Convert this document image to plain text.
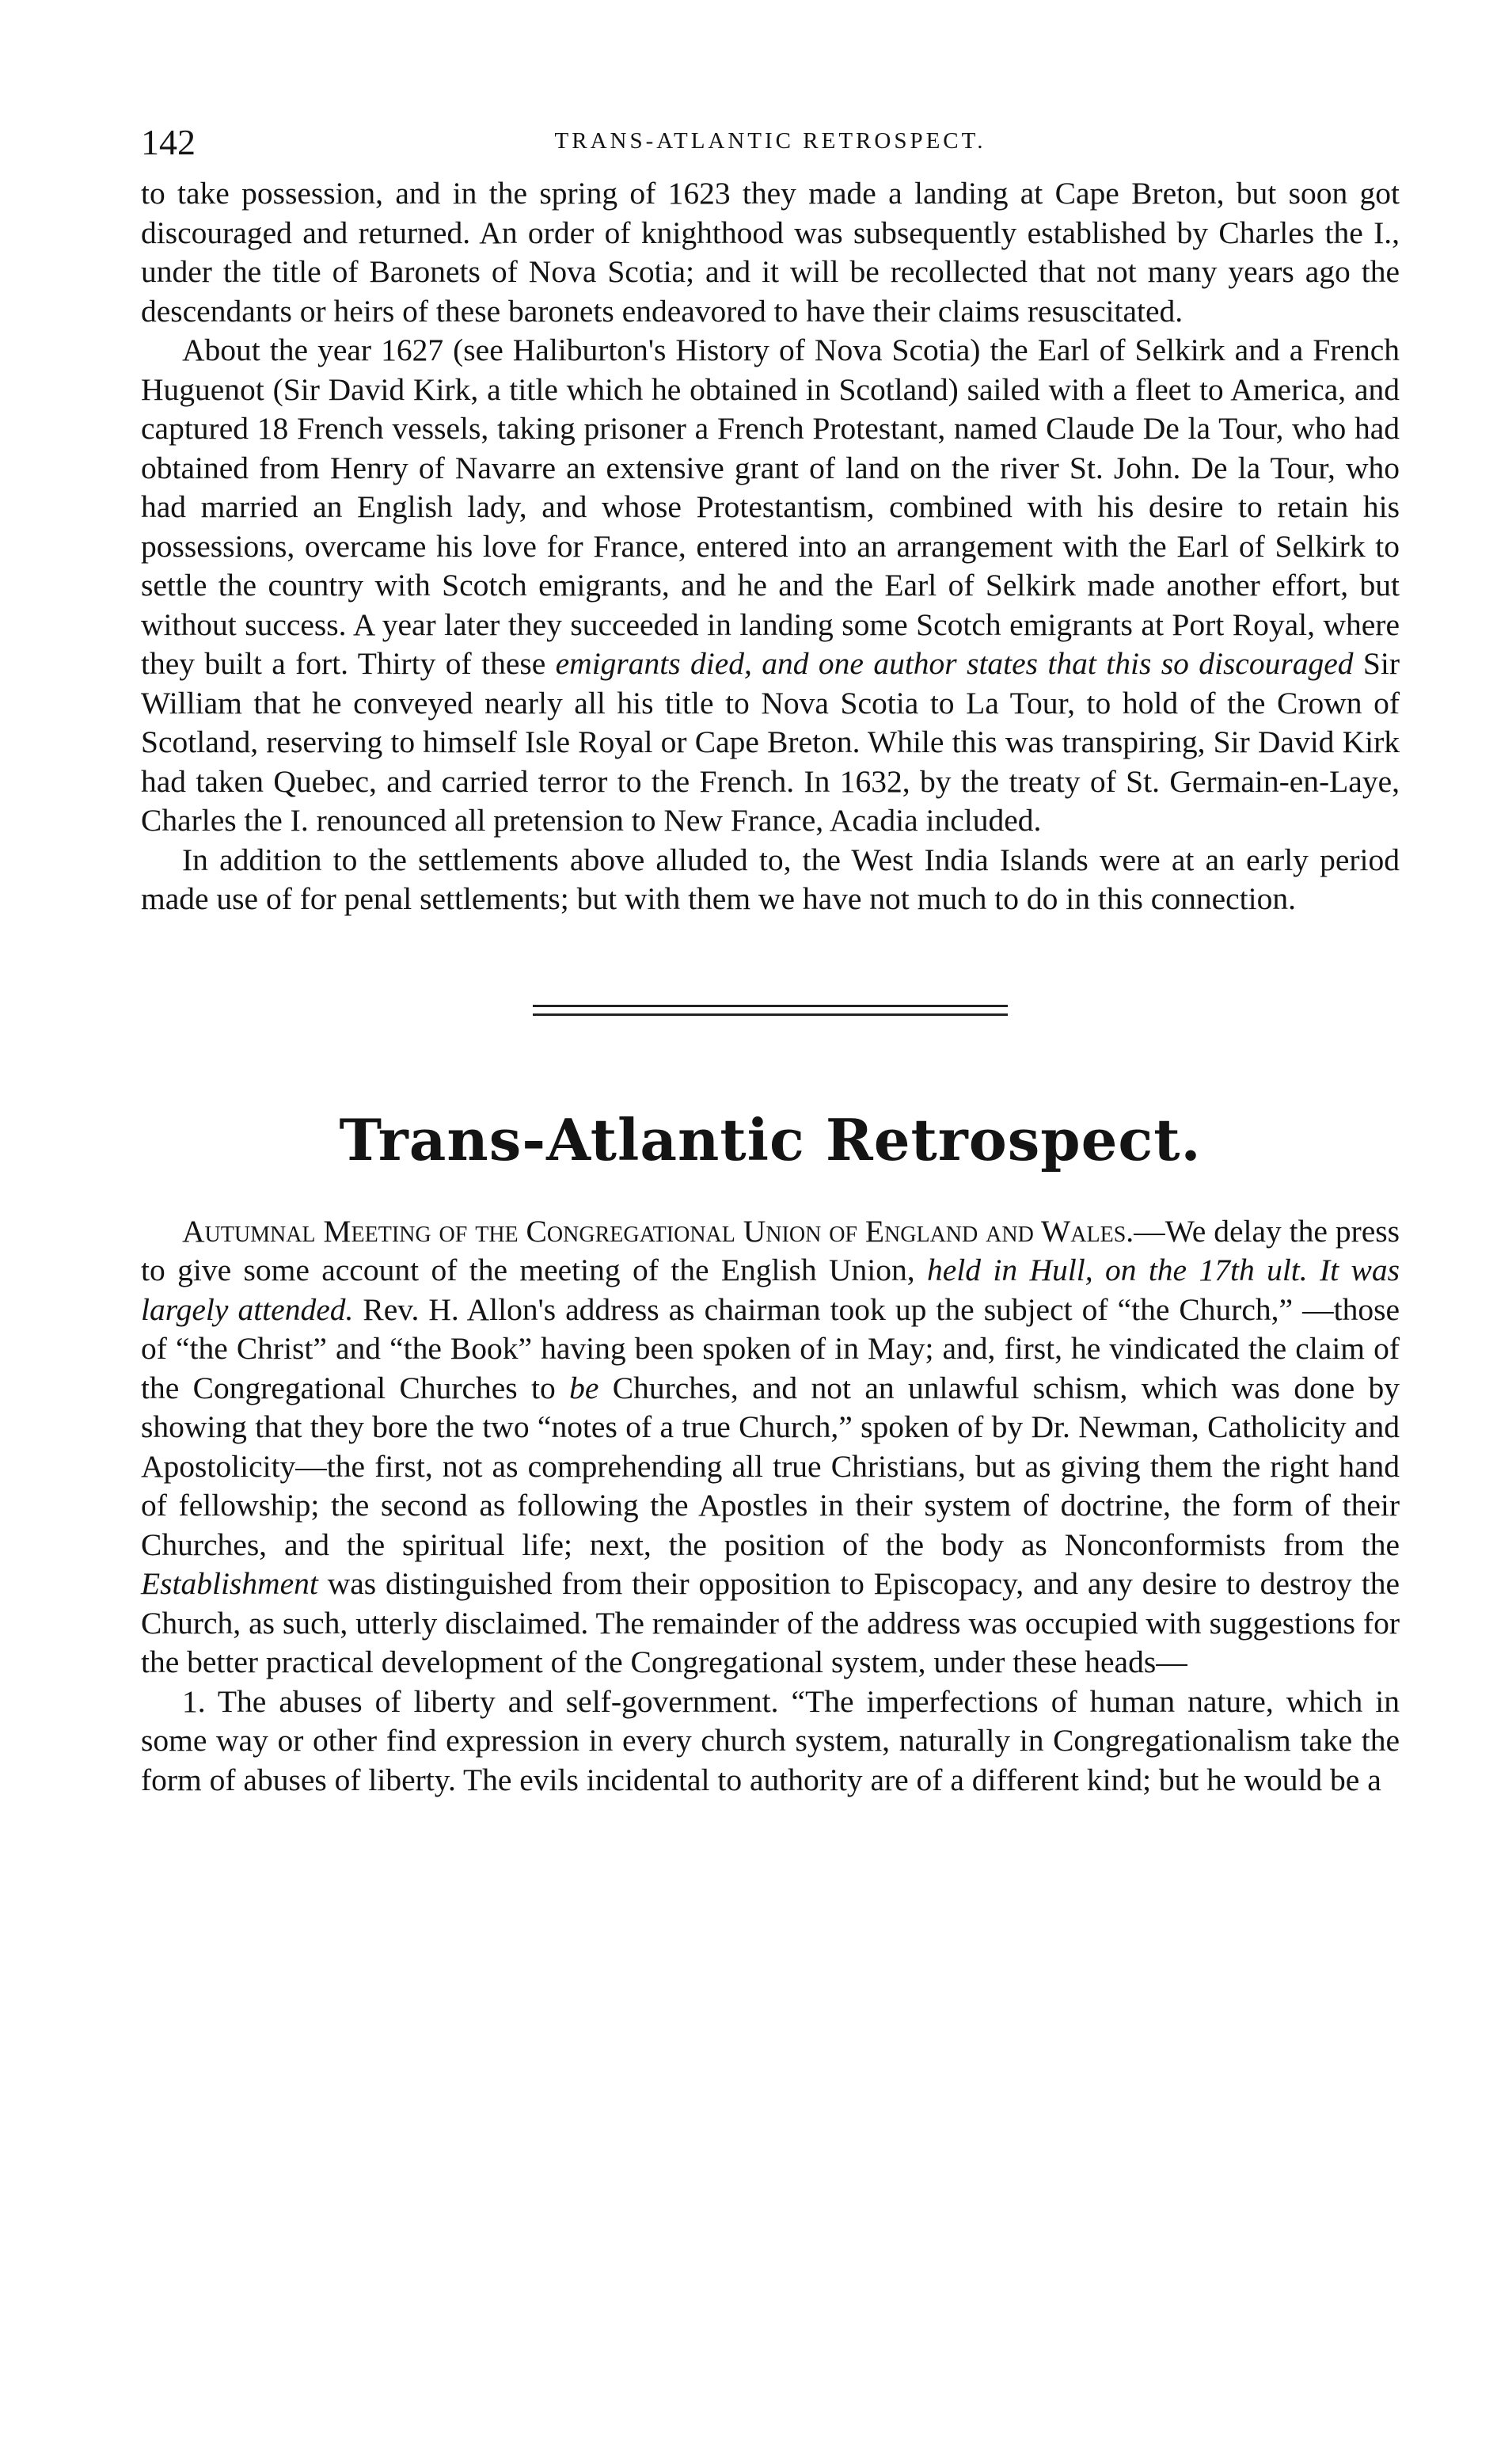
142	TRANS-ATLANTIC RETROSPECT.

to take possession, and in the spring of 1623 they made a landing at Cape Breton, but soon got discouraged and returned. An order of knighthood was subsequently established by Charles the I., under the title of Baronets of Nova Scotia; and it will be recollected that not many years ago the descendants or heirs of these baronets endeavored to have their claims resuscitated.

About the year 1627 (see Haliburton's History of Nova Scotia) the Earl of Selkirk and a French Huguenot (Sir David Kirk, a title which he obtained in Scotland) sailed with a fleet to America, and captured 18 French vessels, taking prisoner a French Protestant, named Claude De la Tour, who had obtained from Henry of Navarre an extensive grant of land on the river St. John. De la Tour, who had married an English lady, and whose Protestantism, combined with his desire to retain his possessions, overcame his love for France, entered into an arrangement with the Earl of Selkirk to settle the country with Scotch emigrants, and he and the Earl of Selkirk made another effort, but without success. A year later they succeeded in landing some Scotch emigrants at Port Royal, where they built a fort. Thirty of these emigrants died, and one author states that this so discouraged Sir William that he conveyed nearly all his title to Nova Scotia to La Tour, to hold of the Crown of Scotland, reserving to himself Isle Royal or Cape Breton. While this was transpiring, Sir David Kirk had taken Quebec, and carried terror to the French. In 1632, by the treaty of St. Germain-en-Laye, Charles the I. renounced all pretension to New France, Acadia included.

In addition to the settlements above alluded to, the West India Islands were at an early period made use of for penal settlements; but with them we have not much to do in this connection.

Trans-Atlantic Retrospect.

Autumnal Meeting of the Congregational Union of England and Wales.—We delay the press to give some account of the meeting of the English Union, held in Hull, on the 17th ult. It was largely attended. Rev. H. Allon's address as chairman took up the subject of “the Church,” —those of “the Christ” and “the Book” having been spoken of in May; and, first, he vindicated the claim of the Congregational Churches to be Churches, and not an unlawful schism, which was done by showing that they bore the two “notes of a true Church,” spoken of by Dr. Newman, Catholicity and Apostolicity—the first, not as comprehending all true Christians, but as giving them the right hand of fellowship; the second as following the Apostles in their system of doctrine, the form of their Churches, and the spiritual life; next, the position of the body as Nonconformists from the Establishment was distinguished from their opposition to Episcopacy, and any desire to destroy the Church, as such, utterly disclaimed. The remainder of the address was occupied with suggestions for the better practical development of the Congregational system, under these heads—

1. The abuses of liberty and self-government. “The imperfections of human nature, which in some way or other find expression in every church system, naturally in Congregationalism take the form of abuses of liberty. The evils incidental to authority are of a different kind; but he would be a
